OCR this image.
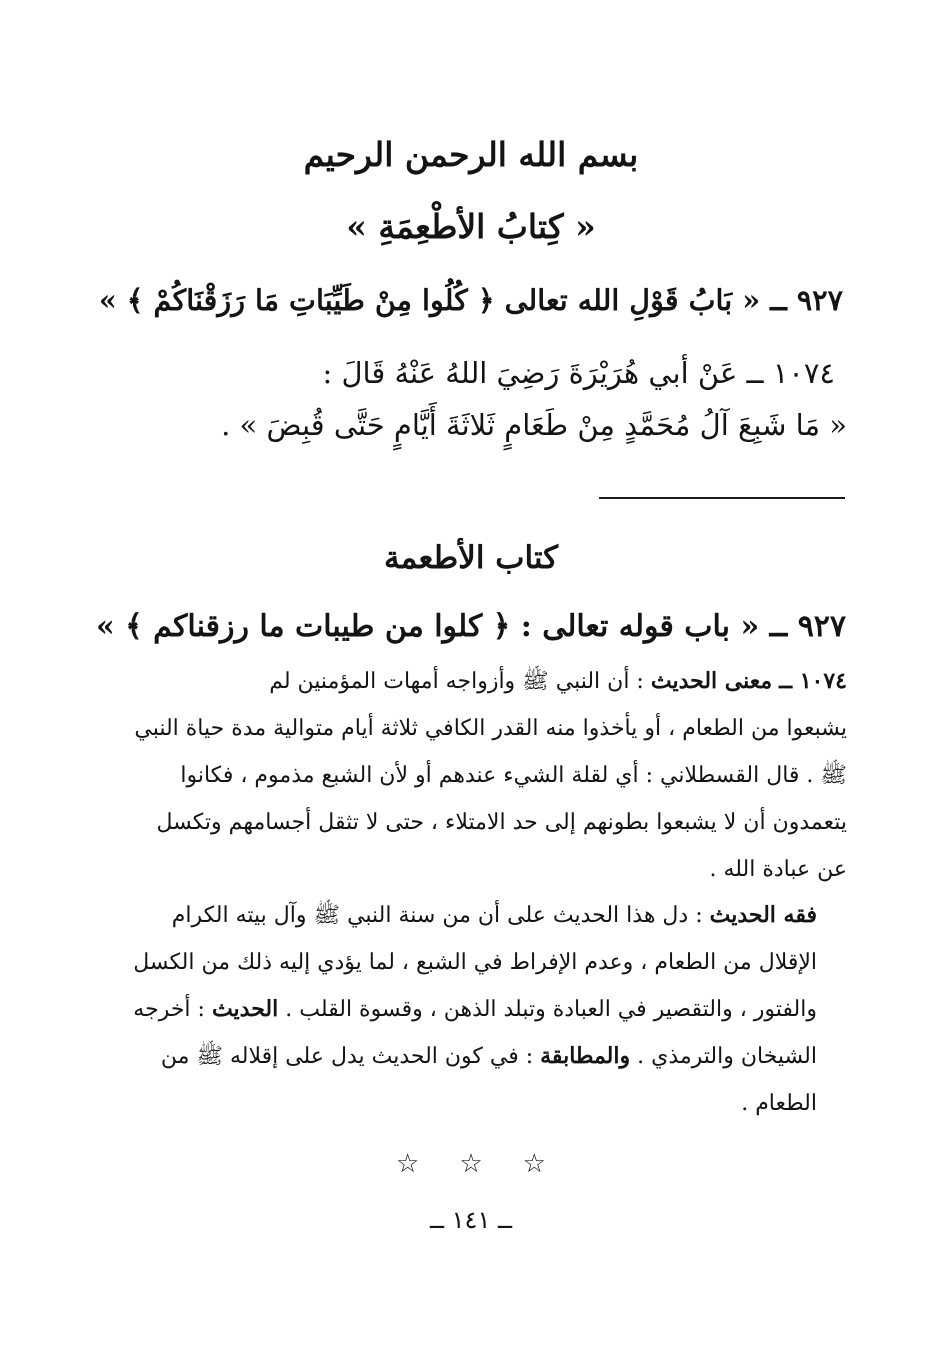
بسم الله الرحمن الرحيم
« كِتابُ الأطْعِمَةِ »
٩٢٧ ــ « بَابُ قَوْلِ الله تعالى ﴿ كُلُوا مِنْ طَيِّبَاتِ مَا رَزَقْنَاكُمْ ﴾ »
١٠٧٤ ــ عَنْ أبي هُرَيْرَةَ رَضِيَ اللهُ عَنْهُ قَالَ :
« مَا شَبِعَ آلُ مُحَمَّدٍ مِنْ طَعَامٍ ثَلاثَةَ أَيَّامٍ حَتَّى قُبِضَ » .
كتاب الأطعمة
٩٢٧ ــ « باب قوله تعالى : ﴿ كلوا من طيبات ما رزقناكم ﴾ »
١٠٧٤ ــ معنى الحديث : أن النبي ﷺ وأزواجه أمهات المؤمنين لم
يشبعوا من الطعام ، أو يأخذوا منه القدر الكافي ثلاثة أيام متوالية مدة حياة النبي
ﷺ . قال القسطلاني : أي لقلة الشيء عندهم أو لأن الشبع مذموم ، فكانوا
يتعمدون أن لا يشبعوا بطونهم إلى حد الامتلاء ، حتى لا تثقل أجسامهم وتكسل
عن عبادة الله .
فقه الحديث : دل هذا الحديث على أن من سنة النبي ﷺ وآل بيته الكرام
الإقلال من الطعام ، وعدم الإفراط في الشبع ، لما يؤدي إليه ذلك من الكسل
والفتور ، والتقصير في العبادة وتبلد الذهن ، وقسوة القلب . الحديث : أخرجه
الشيخان والترمذي . والمطابقة : في كون الحديث يدل على إقلاله ﷺ من
الطعام .
☆☆☆
ــ ١٤١ ــ
